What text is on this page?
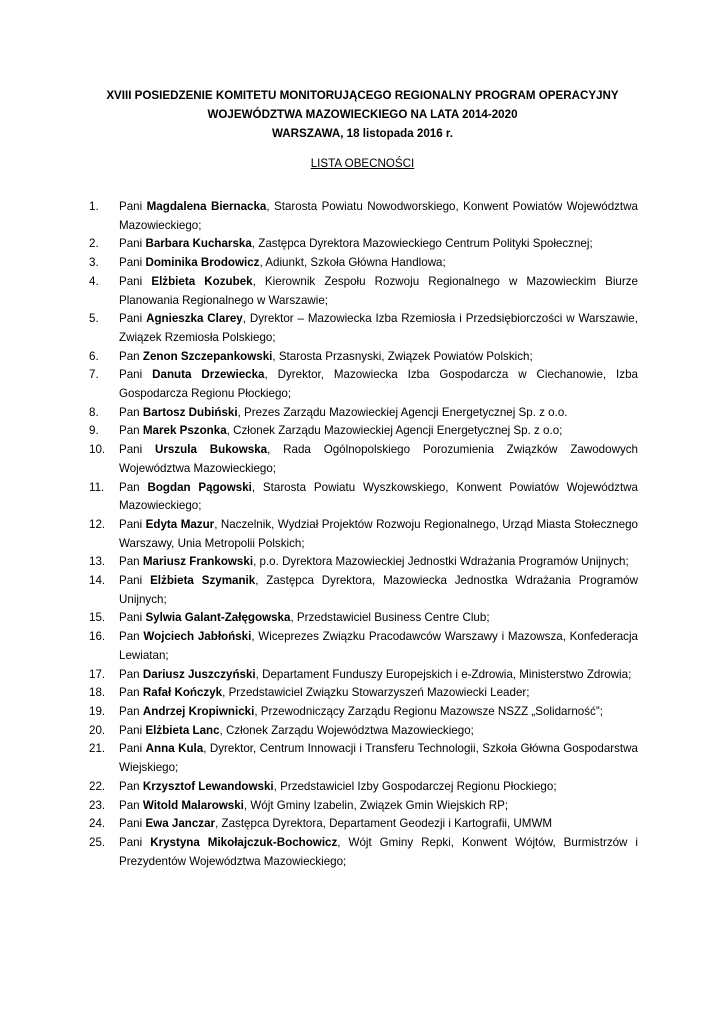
XVIII POSIEDZENIE KOMITETU MONITORUJĄCEGO REGIONALNY PROGRAM OPERACYJNY
WOJEWÓDZTWA MAZOWIECKIEGO NA LATA 2014-2020
WARSZAWA, 18 listopada 2016 r.
LISTA OBECNOŚCI
1.	Pani Magdalena Biernacka, Starosta Powiatu Nowodworskiego, Konwent Powiatów Województwa Mazowieckiego;
2.	Pani Barbara Kucharska, Zastępca Dyrektora Mazowieckiego Centrum Polityki Społecznej;
3.	Pani Dominika Brodowicz, Adiunkt, Szkoła Główna Handlowa;
4.	Pani Elżbieta Kozubek, Kierownik Zespołu Rozwoju Regionalnego w Mazowieckim Biurze Planowania Regionalnego w Warszawie;
5.	Pani Agnieszka Clarey, Dyrektor – Mazowiecka Izba Rzemiosła i Przedsiębiorczości w Warszawie, Związek Rzemiosła Polskiego;
6.	Pan Zenon Szczepankowski, Starosta Przasnyski, Związek Powiatów Polskich;
7.	Pani Danuta Drzewiecka, Dyrektor, Mazowiecka Izba Gospodarcza w Ciechanowie, Izba Gospodarcza Regionu Płockiego;
8.	Pan Bartosz Dubiński, Prezes Zarządu Mazowieckiej Agencji Energetycznej Sp. z o.o.
9.	Pan Marek Pszonka, Członek Zarządu Mazowieckiej Agencji Energetycznej Sp. z o.o;
10.	Pani Urszula Bukowska, Rada Ogólnopolskiego Porozumienia Związków Zawodowych Województwa Mazowieckiego;
11.	Pan Bogdan Pągowski, Starosta Powiatu Wyszkowskiego, Konwent Powiatów Województwa Mazowieckiego;
12.	Pani Edyta Mazur, Naczelnik, Wydział Projektów Rozwoju Regionalnego, Urząd Miasta Stołecznego Warszawy, Unia Metropolii Polskich;
13.	Pan Mariusz Frankowski, p.o. Dyrektora Mazowieckiej Jednostki Wdrażania Programów Unijnych;
14.	Pani Elżbieta Szymanik, Zastępca Dyrektora, Mazowiecka Jednostka Wdrażania Programów Unijnych;
15.	Pani Sylwia Galant-Załęgowska, Przedstawiciel Business Centre Club;
16.	Pan Wojciech Jabłoński, Wiceprezes Związku Pracodawców Warszawy i Mazowsza, Konfederacja Lewiatan;
17.	Pan Dariusz Juszczyński, Departament Funduszy Europejskich i e-Zdrowia, Ministerstwo Zdrowia;
18.	Pan Rafał Kończyk, Przedstawiciel Związku Stowarzyszeń Mazowiecki Leader;
19.	Pan Andrzej Kropiwnicki, Przewodniczący Zarządu Regionu Mazowsze NSZZ „Solidarność”;
20.	Pani Elżbieta Lanc, Członek Zarządu Województwa Mazowieckiego;
21.	Pani Anna Kula, Dyrektor, Centrum Innowacji i Transferu Technologii, Szkoła Główna Gospodarstwa Wiejskiego;
22.	Pan Krzysztof Lewandowski, Przedstawiciel Izby Gospodarczej Regionu Płockiego;
23.	Pan Witold Malarowski, Wójt Gminy Izabelin, Związek Gmin Wiejskich RP;
24.	Pani Ewa Janczar, Zastępca Dyrektora, Departament Geodezji i Kartografii, UMWM
25.	Pani Krystyna Mikołajczuk-Bochowicz, Wójt Gminy Repki, Konwent Wójtów, Burmistrzów i Prezydentów Województwa Mazowieckiego;
